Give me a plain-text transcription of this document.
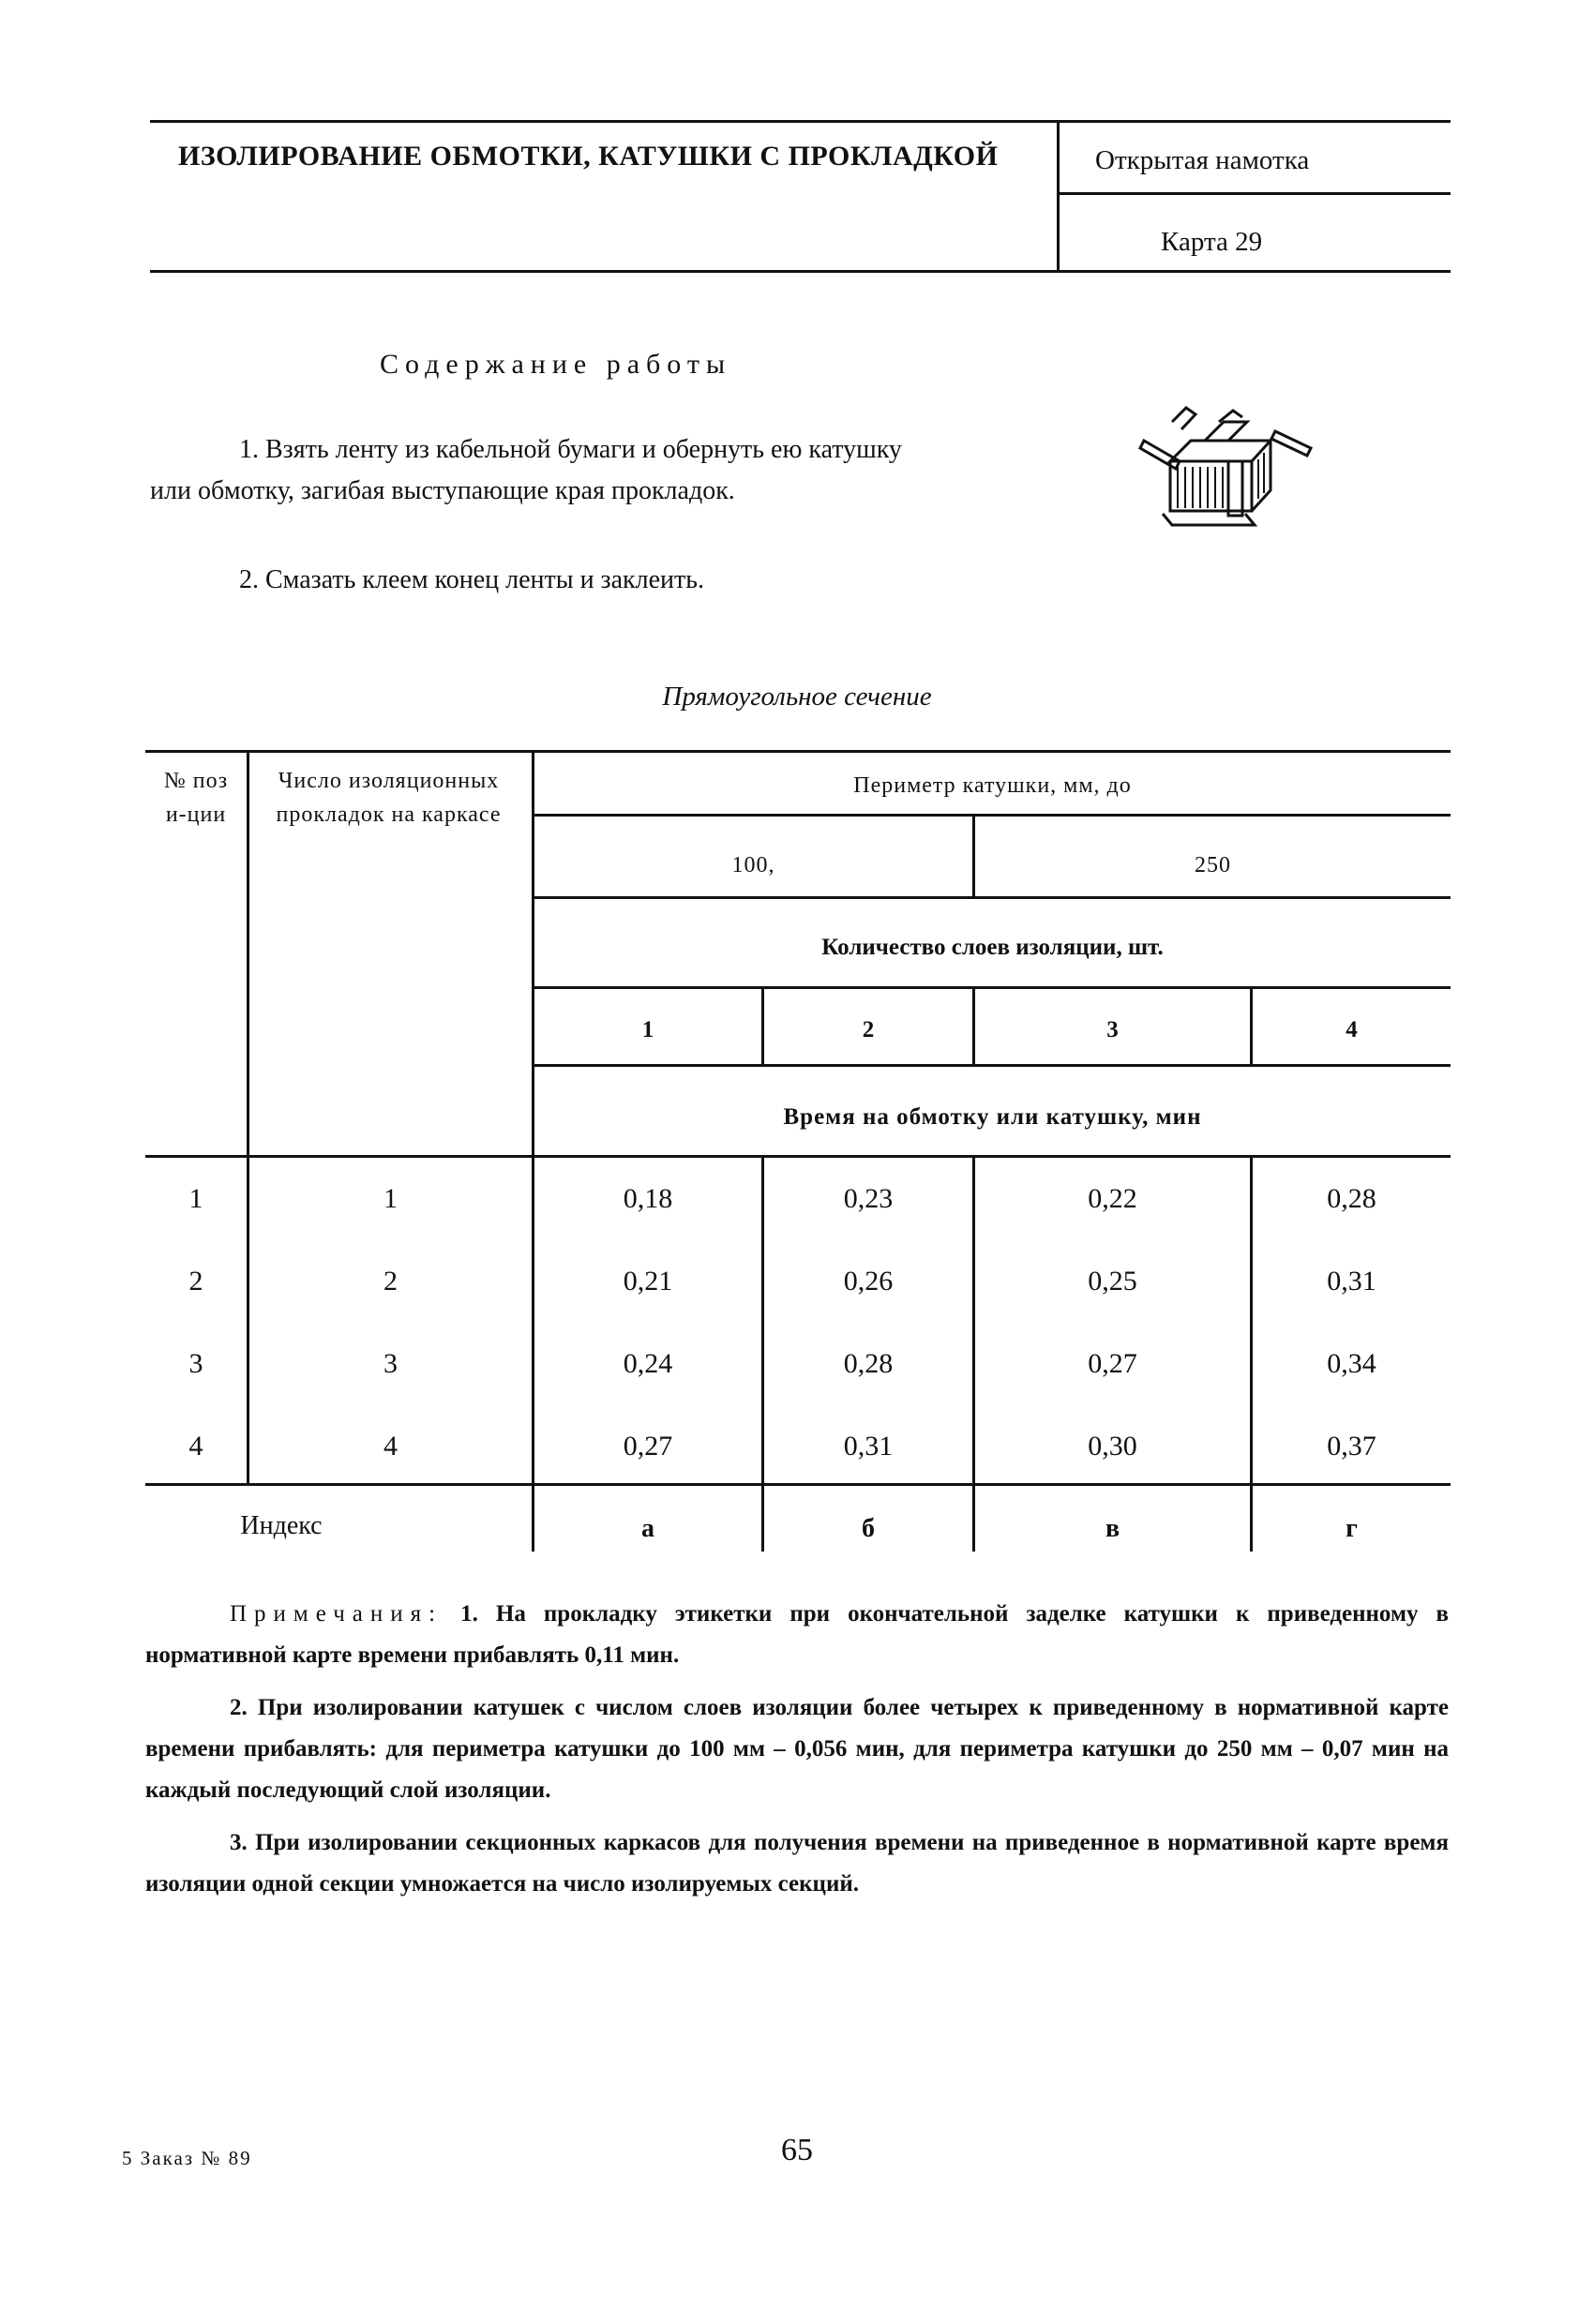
ИЗОЛИРОВАНИЕ ОБМОТКИ, КАТУШКИ С ПРОКЛАДКОЙ	Открытая намотка
Карта 29
Содержание работы
1. Взять ленту из кабельной бумаги и обернуть ею катушку или обмотку, загибая выступающие края прокладок.
2. Смазать клеем конец ленты и заклеить.
Прямоугольное сечение
№ пози-ции
Число изоляционных прокладок на каркасе
Периметр катушки, мм, до
100,	250
Количество слоев изоляции, шт.
1	2	3	4
Время на обмотку или катушку, мин
1	1	0,18	0,23	0,22	0,28
2	2	0,21	0,26	0,25	0,31
3	3	0,24	0,28	0,27	0,34
4	4	0,27	0,31	0,30	0,37
Индекс	а	б	в	г

Примечания: 1. На прокладку этикетки при окончательной заделке катушки к приведенному в нормативной карте времени прибавлять 0,11 мин.

2. При изолировании катушек с числом слоев изоляции более четырех к приведенному в нормативной карте времени прибавлять: для периметра катушки до 100 мм – 0,056 мин, для периметра катушки до 250 мм – 0,07 мин на каждый последующий слой изоляции.

3. При изолировании секционных каркасов для получения времени на приведенное в нормативной карте время изоляции одной секции умножается на число изолируемых секций.

5 Заказ № 89	65
